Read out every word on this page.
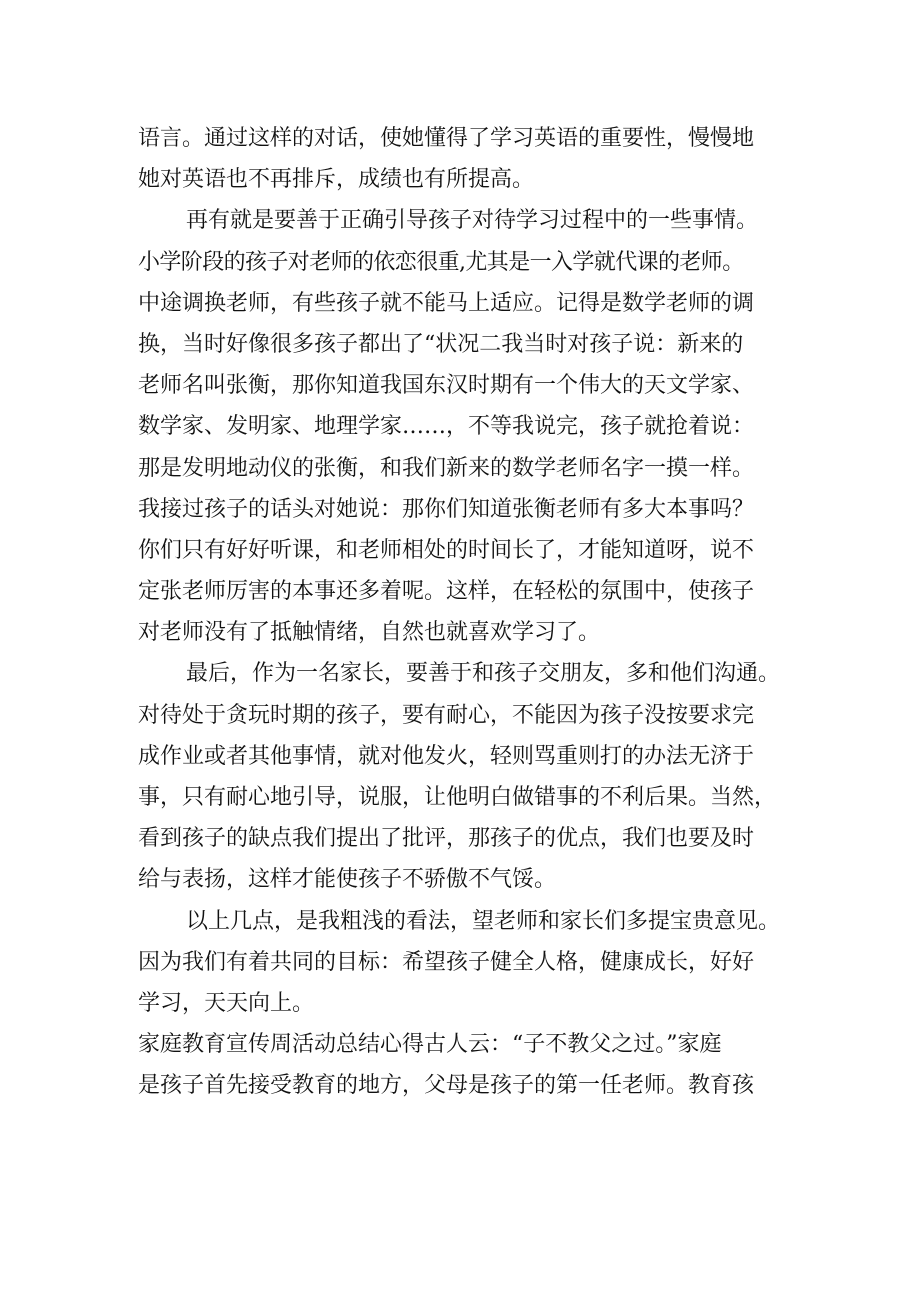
语言。通过这样的对话，使她懂得了学习英语的重要性，慢慢地
她对英语也不再排斥，成绩也有所提高。
再有就是要善于正确引导孩子对待学习过程中的一些事情。
小学阶段的孩子对老师的依恋很重,尤其是一入学就代课的老师。
中途调换老师，有些孩子就不能马上适应。记得是数学老师的调
换，当时好像很多孩子都出了“状况二我当时对孩子说：新来的
老师名叫张衡，那你知道我国东汉时期有一个伟大的天文学家、
数学家、发明家、地理学家……，不等我说完，孩子就抢着说：
那是发明地动仪的张衡，和我们新来的数学老师名字一摸一样。
我接过孩子的话头对她说：那你们知道张衡老师有多大本事吗？
你们只有好好听课，和老师相处的时间长了，才能知道呀，说不
定张老师厉害的本事还多着呢。这样，在轻松的氛围中，使孩子
对老师没有了抵触情绪，自然也就喜欢学习了。
最后，作为一名家长，要善于和孩子交朋友，多和他们沟通。
对待处于贪玩时期的孩子，要有耐心，不能因为孩子没按要求完
成作业或者其他事情，就对他发火，轻则骂重则打的办法无济于
事，只有耐心地引导，说服，让他明白做错事的不利后果。当然，
看到孩子的缺点我们提出了批评，那孩子的优点，我们也要及时
给与表扬，这样才能使孩子不骄傲不气馁。
以上几点，是我粗浅的看法，望老师和家长们多提宝贵意见。
因为我们有着共同的目标：希望孩子健全人格，健康成长，好好
学习，天天向上。
家庭教育宣传周活动总结心得古人云：“子不教父之过。”家庭
是孩子首先接受教育的地方，父母是孩子的第一任老师。教育孩
